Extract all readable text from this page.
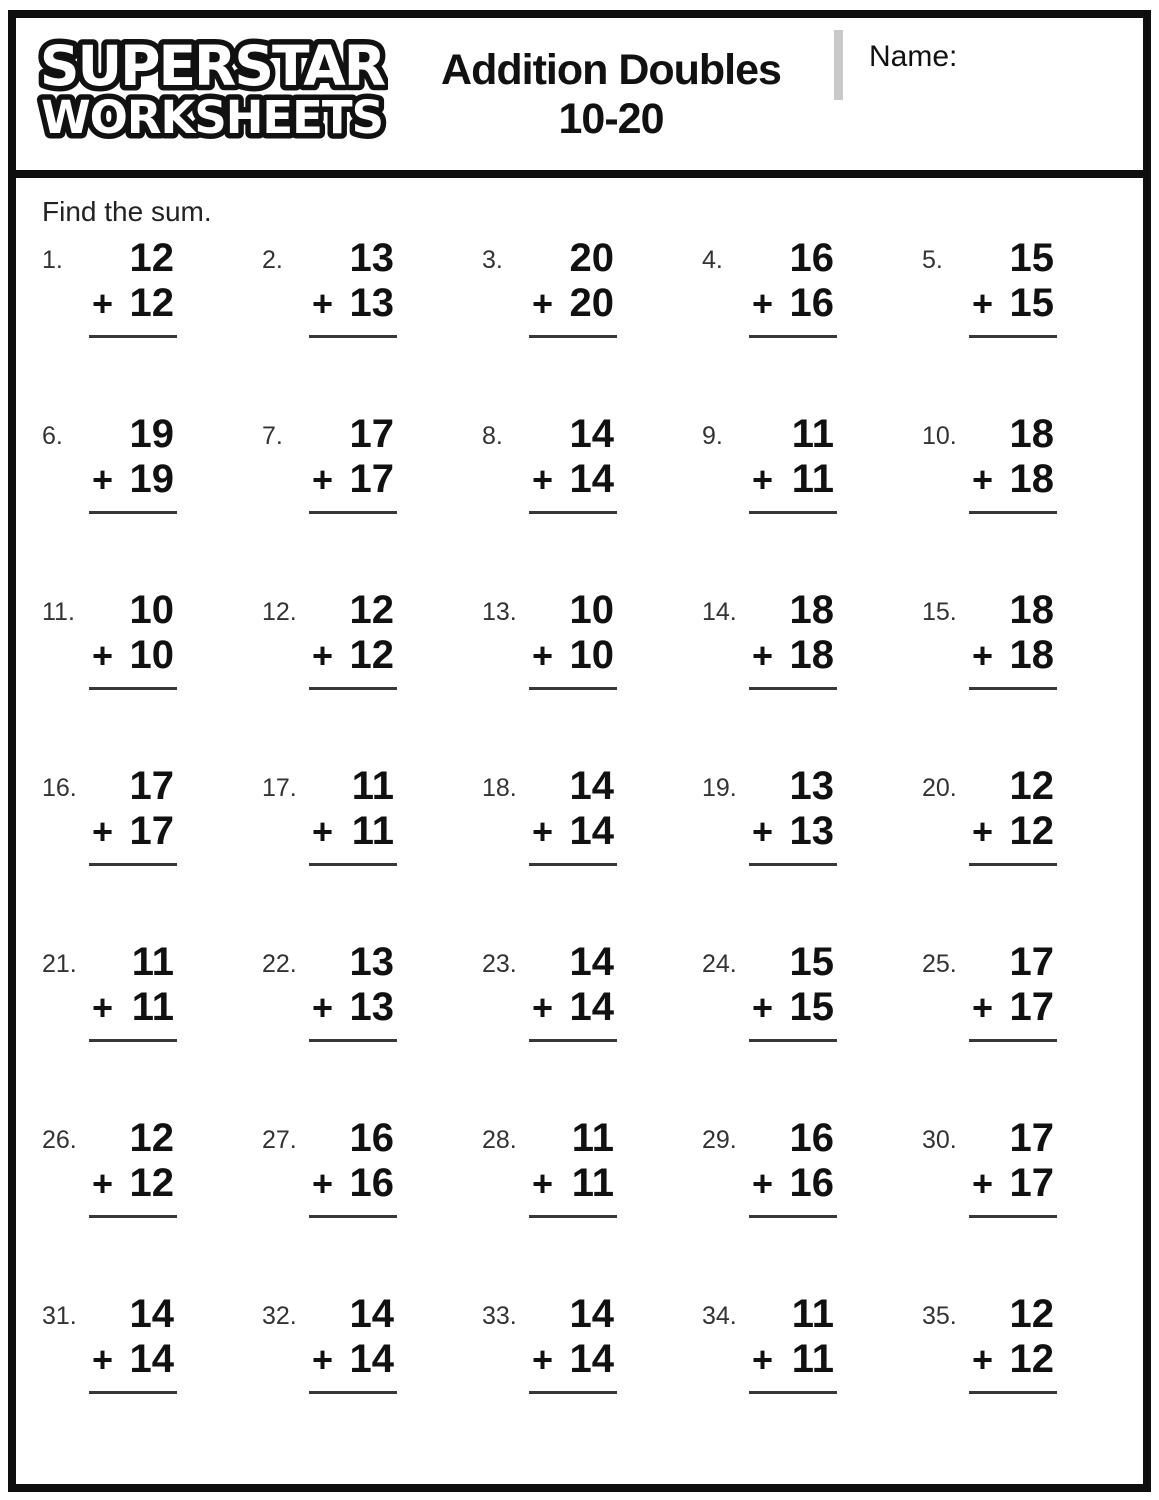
SUPERSTAR
WORKSHEETS
Addition Doubles
10-20
Name:
Find the sum.
1.	12
+ 12
2.	13
+ 13
3.	20
+ 20
4.	16
+ 16
5.	15
+ 15
6.	19
+ 19
7.	17
+ 17
8.	14
+ 14
9.	11
+ 11
10.	18
+ 18
11.	10
+ 10
12.	12
+ 12
13.	10
+ 10
14.	18
+ 18
15.	18
+ 18
16.	17
+ 17
17.	11
+ 11
18.	14
+ 14
19.	13
+ 13
20.	12
+ 12
21.	11
+ 11
22.	13
+ 13
23.	14
+ 14
24.	15
+ 15
25.	17
+ 17
26.	12
+ 12
27.	16
+ 16
28.	11
+ 11
29.	16
+ 16
30.	17
+ 17
31.	14
+ 14
32.	14
+ 14
33.	14
+ 14
34.	11
+ 11
35.	12
+ 12
